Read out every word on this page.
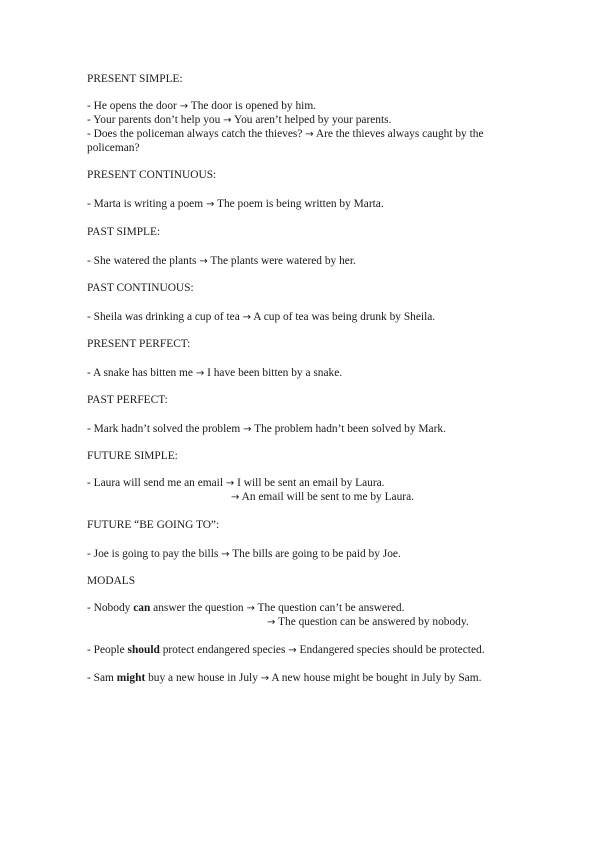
PRESENT SIMPLE:
- He opens the door → The door is opened by him.
- Your parents don’t help you → You aren’t helped by your parents.
- Does the policeman always catch the thieves? → Are the thieves always caught by the
policeman?
PRESENT CONTINUOUS:
- Marta is writing a poem → The poem is being written by Marta.
PAST SIMPLE:
- She watered the plants → The plants were watered by her.
PAST CONTINUOUS:
- Sheila was drinking a cup of tea → A cup of tea was being drunk by Sheila.
PRESENT PERFECT:
- A snake has bitten me → I have been bitten by a snake.
PAST PERFECT:
- Mark hadn’t solved the problem → The problem hadn’t been solved by Mark.
FUTURE SIMPLE:
- Laura will send me an email → I will be sent an email by Laura.
→ An email will be sent to me by Laura.
FUTURE “BE GOING TO”:
- Joe is going to pay the bills → The bills are going to be paid by Joe.
MODALS
- Nobody can answer the question → The question can’t be answered.
→ The question can be answered by nobody.
- People should protect endangered species → Endangered species should be protected.
- Sam might buy a new house in July → A new house might be bought in July by Sam.
